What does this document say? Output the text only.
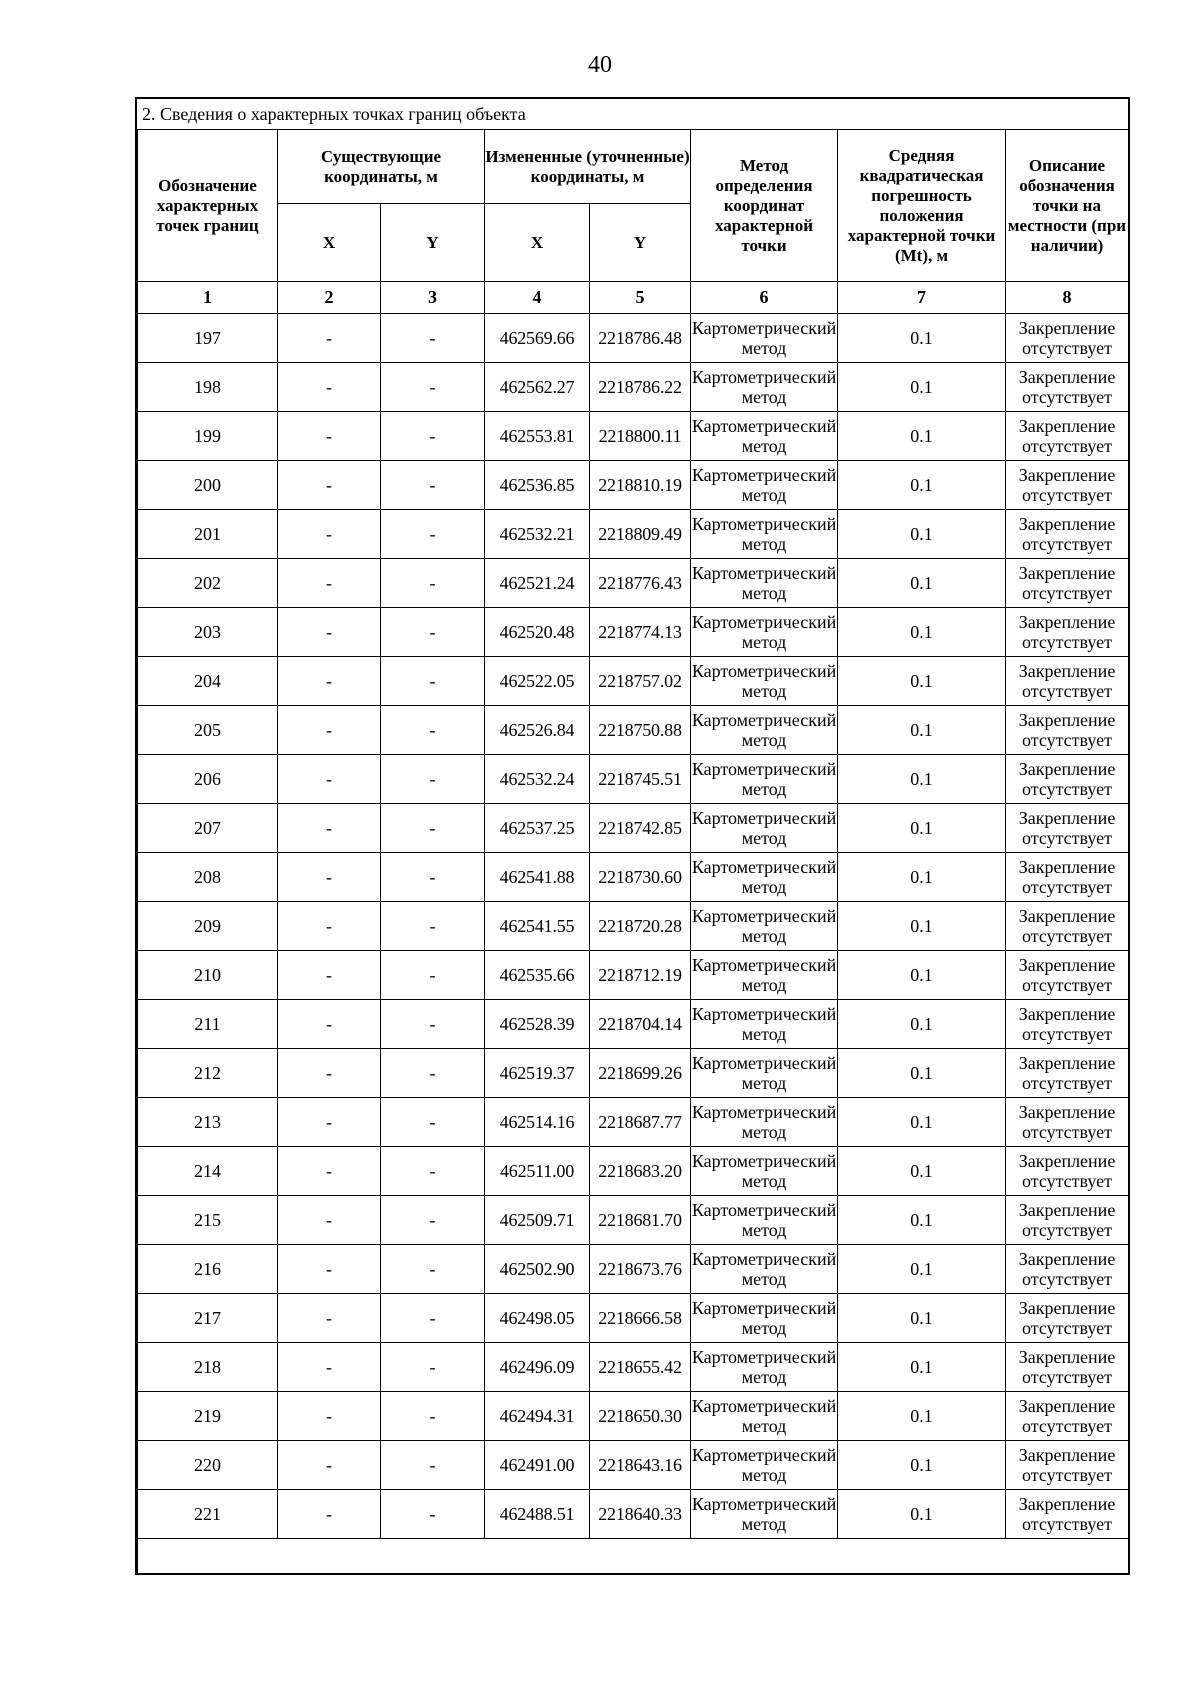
40
2. Сведения о характерных точках границ объекта
Обозначение характерных точек границ	Существующие координаты, м		Измененные (уточненные) координаты, м		Метод определения координат характерной точки	Средняя квадратическая погрешность положения характерной точки (Mt), м	Описание обозначения точки на местности (при наличии)
	X	Y	X	Y			
1	2	3	4	5	6	7	8
197	-	-	462569.66	2218786.48	Картометрический метод	0.1	Закрепление отсутствует
198	-	-	462562.27	2218786.22	Картометрический метод	0.1	Закрепление отсутствует
199	-	-	462553.81	2218800.11	Картометрический метод	0.1	Закрепление отсутствует
200	-	-	462536.85	2218810.19	Картометрический метод	0.1	Закрепление отсутствует
201	-	-	462532.21	2218809.49	Картометрический метод	0.1	Закрепление отсутствует
202	-	-	462521.24	2218776.43	Картометрический метод	0.1	Закрепление отсутствует
203	-	-	462520.48	2218774.13	Картометрический метод	0.1	Закрепление отсутствует
204	-	-	462522.05	2218757.02	Картометрический метод	0.1	Закрепление отсутствует
205	-	-	462526.84	2218750.88	Картометрический метод	0.1	Закрепление отсутствует
206	-	-	462532.24	2218745.51	Картометрический метод	0.1	Закрепление отсутствует
207	-	-	462537.25	2218742.85	Картометрический метод	0.1	Закрепление отсутствует
208	-	-	462541.88	2218730.60	Картометрический метод	0.1	Закрепление отсутствует
209	-	-	462541.55	2218720.28	Картометрический метод	0.1	Закрепление отсутствует
210	-	-	462535.66	2218712.19	Картометрический метод	0.1	Закрепление отсутствует
211	-	-	462528.39	2218704.14	Картометрический метод	0.1	Закрепление отсутствует
212	-	-	462519.37	2218699.26	Картометрический метод	0.1	Закрепление отсутствует
213	-	-	462514.16	2218687.77	Картометрический метод	0.1	Закрепление отсутствует
214	-	-	462511.00	2218683.20	Картометрический метод	0.1	Закрепление отсутствует
215	-	-	462509.71	2218681.70	Картометрический метод	0.1	Закрепление отсутствует
216	-	-	462502.90	2218673.76	Картометрический метод	0.1	Закрепление отсутствует
217	-	-	462498.05	2218666.58	Картометрический метод	0.1	Закрепление отсутствует
218	-	-	462496.09	2218655.42	Картометрический метод	0.1	Закрепление отсутствует
219	-	-	462494.31	2218650.30	Картометрический метод	0.1	Закрепление отсутствует
220	-	-	462491.00	2218643.16	Картометрический метод	0.1	Закрепление отсутствует
221	-	-	462488.51	2218640.33	Картометрический метод	0.1	Закрепление отсутствует
